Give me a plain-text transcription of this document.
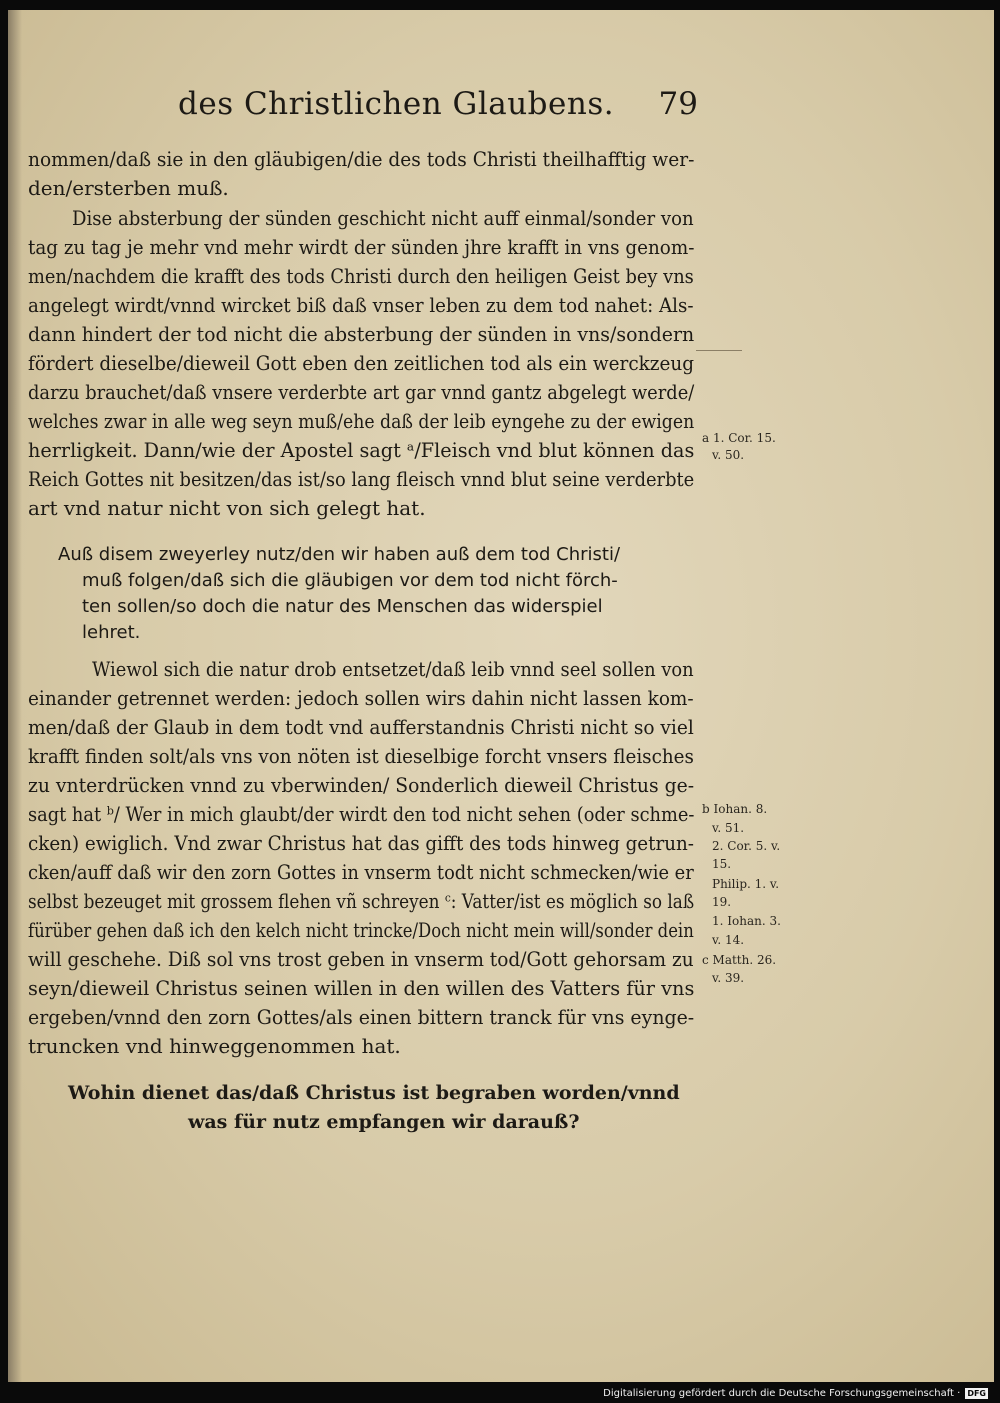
des Christlichen Glaubens. 79
nommen/daß sie in den gläubigen/die des tods Christi theilhafftig wer-
den/ersterben muß.
Dise absterbung der sünden geschicht nicht auff einmal/sonder von
tag zu tag je mehr vnd mehr wirdt der sünden jhre krafft in vns genom-
men/nachdem die krafft des tods Christi durch den heiligen Geist bey vns
angelegt wirdt/vnnd wircket biß daß vnser leben zu dem tod nahet: Als-
dann hindert der tod nicht die absterbung der sünden in vns/sondern
fördert dieselbe/dieweil Gott eben den zeitlichen tod als ein werckzeug
darzu brauchet/daß vnsere verderbte art gar vnnd gantz abgelegt werde/
welches zwar in alle weg seyn muß/ehe daß der leib eyngehe zu der ewigen
herrligkeit. Dann/wie der Apostel sagt ᵃ/Fleisch vnd blut können das
Reich Gottes nit besitzen/das ist/so lang fleisch vnnd blut seine verderbte
art vnd natur nicht von sich gelegt hat.
Auß disem zweyerley nutz/den wir haben auß dem tod Christi/
muß folgen/daß sich die gläubigen vor dem tod nicht förch-
ten sollen/so doch die natur des Menschen das widerspiel
lehret.
Wiewol sich die natur drob entsetzet/daß leib vnnd seel sollen von
einander getrennet werden: jedoch sollen wirs dahin nicht lassen kom-
men/daß der Glaub in dem todt vnd aufferstandnis Christi nicht so viel
krafft finden solt/als vns von nöten ist dieselbige forcht vnsers fleisches
zu vnterdrücken vnnd zu vberwinden/ Sonderlich dieweil Christus ge-
sagt hat ᵇ/ Wer in mich glaubt/der wirdt den tod nicht sehen (oder schme-
cken) ewiglich. Vnd zwar Christus hat das gifft des tods hinweg getrun-
cken/auff daß wir den zorn Gottes in vnserm todt nicht schmecken/wie er
selbst bezeuget mit grossem flehen vñ schreyen ᶜ: Vatter/ist es möglich so laß
fürüber gehen daß ich den kelch nicht trincke/Doch nicht mein will/sonder dein
will geschehe. Diß sol vns trost geben in vnserm tod/Gott gehorsam zu
seyn/dieweil Christus seinen willen in den willen des Vatters für vns
ergeben/vnnd den zorn Gottes/als einen bittern tranck für vns eynge-
truncken vnd hinweggenommen hat.
Wohin dienet das/daß Christus ist begraben worden/vnnd
was für nutz empfangen wir darauß?
a 1. Cor. 15.
v. 50.
b Iohan. 8.
v. 51.
2. Cor. 5. v.
15.
Philip. 1. v.
19.
1. Iohan. 3.
v. 14.
c Matth. 26.
v. 39.
Digitalisierung gefördert durch die Deutsche Forschungsgemeinschaft · DFG
